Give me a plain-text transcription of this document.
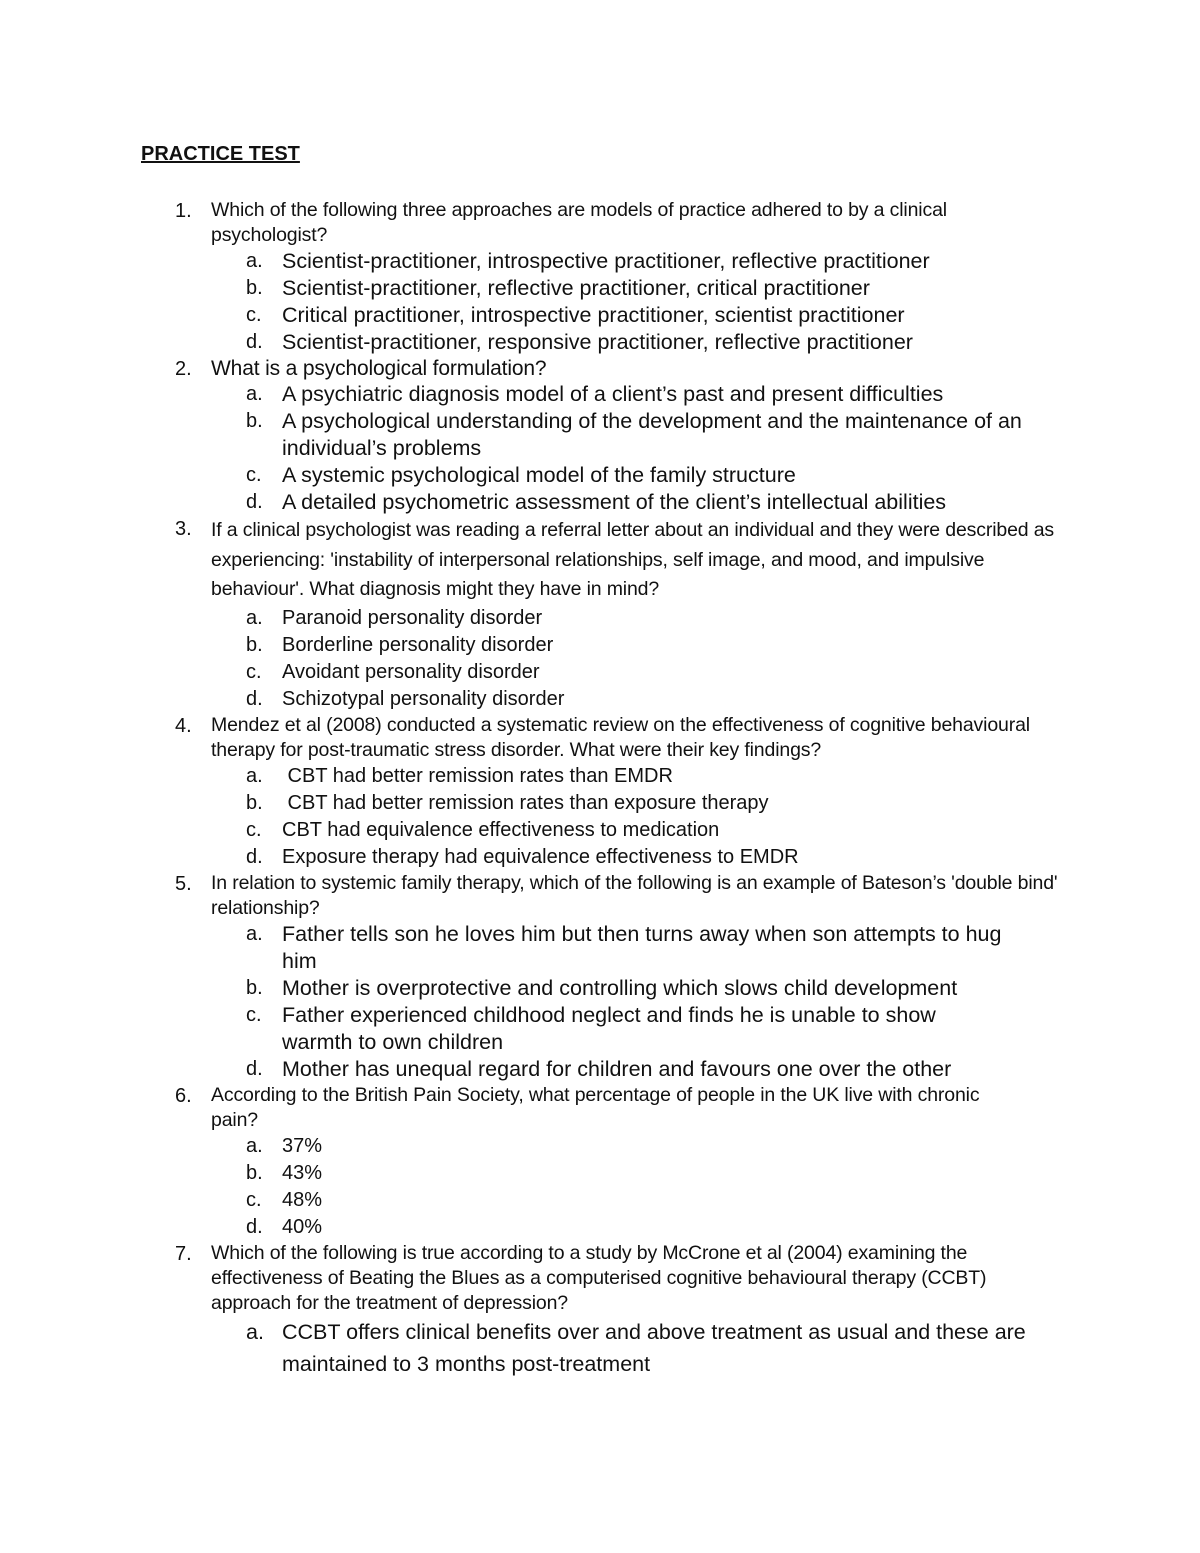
PRACTICE TEST
1. Which of the following three approaches are models of practice adhered to by a clinical psychologist?
a. Scientist-practitioner, introspective practitioner, reflective practitioner
b. Scientist-practitioner, reflective practitioner, critical practitioner
c. Critical practitioner, introspective practitioner, scientist practitioner
d. Scientist-practitioner, responsive practitioner, reflective practitioner
2. What is a psychological formulation?
a. A psychiatric diagnosis model of a client’s past and present difficulties
b. A psychological understanding of the development and the maintenance of an individual’s problems
c. A systemic psychological model of the family structure
d. A detailed psychometric assessment of the client’s intellectual abilities
3. If a clinical psychologist was reading a referral letter about an individual and they were described as experiencing: 'instability of interpersonal relationships, self image, and mood, and impulsive behaviour'. What diagnosis might they have in mind?
a. Paranoid personality disorder
b. Borderline personality disorder
c. Avoidant personality disorder
d. Schizotypal personality disorder
4. Mendez et al (2008) conducted a systematic review on the effectiveness of cognitive behavioural therapy for post-traumatic stress disorder. What were their key findings?
a. CBT had better remission rates than EMDR
b. CBT had better remission rates than exposure therapy
c. CBT had equivalence effectiveness to medication
d. Exposure therapy had equivalence effectiveness to EMDR
5. In relation to systemic family therapy, which of the following is an example of Bateson’s 'double bind' relationship?
a. Father tells son he loves him but then turns away when son attempts to hug him
b. Mother is overprotective and controlling which slows child development
c. Father experienced childhood neglect and finds he is unable to show warmth to own children
d. Mother has unequal regard for children and favours one over the other
6. According to the British Pain Society, what percentage of people in the UK live with chronic pain?
a. 37%
b. 43%
c. 48%
d. 40%
7. Which of the following is true according to a study by McCrone et al (2004) examining the effectiveness of Beating the Blues as a computerised cognitive behavioural therapy (CCBT) approach for the treatment of depression?
a. CCBT offers clinical benefits over and above treatment as usual and these are maintained to 3 months post-treatment
